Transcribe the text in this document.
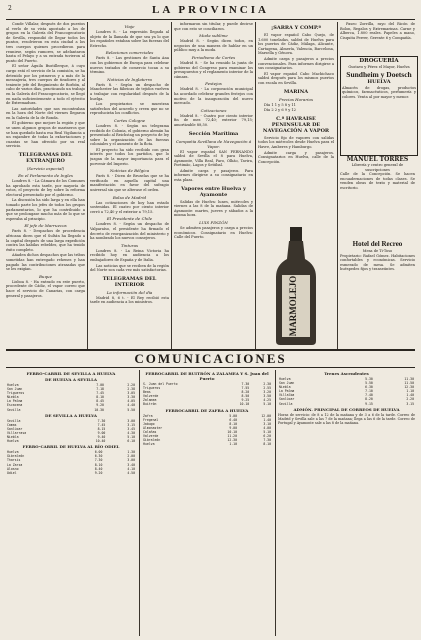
2	LA PROVINCIA

Conde Villalar, después de dos puestos al verlo de su vista apostado a los de grupos en la Galería del Francogecatorio de Sevilla, respondió de llegar todos los puntos, resolvieron en esta ciudad a los tres cuerpos quienes procedieron para reunirse, según rumores, se adelantaron hasta el Pelayo y a su entrada tuvieron al punto del Puerto.

El señor Águila Bustillerque, á cuyo cargo está el servicio de la comisión, se ha detenido por los primeros y a más de la mensajería, tres cuerpos de tiradores y al teniente jefe del Regimiento de Borbón, al cabo de varios días, practicando un trabajo en la Galería del Francogecatorio, se llegó en nada suficientemente a todo el ejército de Extremadura.

Las autoridades que nos encontraban en la hora del Norte del viernes llegaron en la Galería de la de Ronda.

El gobierno que mejore la región y que se unen algunos grupos de marineros que se han quedado hasta esa Real Vigilancia a un enjambre de todas la exhortaciones y cuantas se han ofrecido por su real servicio.

TELEGRAMAS DEL EXTRANJERO
(Servicio especial)
En el Parlamento de Ingles

Londres 8. - La Cámara de los Comunes ha aprobado esta tarde, por mayoría de votos, el proyecto de ley sobre la reforma electoral presentado por el gobierno.

La discusión ha sido larga y en ella han tomado parte los jefes de todos los grupos parlamentarios, lo que ha contribuido a que se prolongase mucho más de lo que se esperaba al principio.

El jefe de Marruecos

París 8. - Despachos de procedencia africana dicen que el Sultán ha llegado a la capital después de una larga expedición contra las kabilas rebeldes, que ha tenido éxito completo.

Añaden dichos despachos que las tribus sometidas han entregado rehenes y han pagado las contribuciones atrasadas que se les exigían.

Buque

Lisboa 8. - Ha entrado en este puerto, procedente de Cádiz, el vapor correo que hace el servicio de Canarias, con carga general y pasajeros.

Viaje

Londres 8. - La expresión llegada al objeto de la llamada de que sea ya lo que los españoles estaban sobre las fuerzas del Estrecho.

Relaciones comerciales

París 8. - Las gestiones de Santa Ana con los gobiernos de Europa para celebrar nuevos tratados de comercio tocan a su término.

Noticias de Inglaterra

París 8. - Según un despacho de Manchester las fábricas de tejidos vuelven a trabajar con regularidad después de la huelga.

Los propietarios se muestran satisfechos del acuerdo y creen que no se reproducirán los conflictos.

Cortes Cologne

Londres 8. - Según un telegrama recibido de Colonia, el gobierno alemán ha presentado al Reichstag un proyecto de ley sobre la organización de las fuerzas coloniales y el aumento de la flota.

El proyecto ha sido recibido con gran interés por todos los partidos, que lo juzgan de la mayor importancia para el porvenir del Imperio.

Noticias de Bélgica

París 8. - Dicen de Bruselas que se ha verificado en aquella capital una manifestación en favor del sufragio universal sin que se alterase el orden.

Bolsa de Madrid

Las cotizaciones de hoy han estado sostenidas. El cuatro por ciento interior cerró a 72,40 y el exterior a 79,15.

El Presidente de Chile

Londres 8. - Según un despacho de Valparaíso, el presidente ha firmado el decreto de reorganización del ministerio y ha nombrado los nuevos consejeros.

Tinturas

Londres 8. - La Reina Victoria ha recibido hoy en audiencia a los embajadores de España y de Italia.

Las noticias que se reciben de la región del Norte son cada vez más satisfactorias.

TELEGRAMAS DEL INTERIOR
La información del día

Madrid 8, 6 t. - El Rey recibió esta tarde en audiencia a los ministros.

informaron sin titular, y puede decirse que con esto se conciliaron.

Moda sublime

Madrid 8. - Según dicen todos, en negocios de una manera de hablar en un público muy a la moda.

Periodismo de Cortes

Madrid 8. - Se ha reunido la junta de gobierno del Congreso para examinar los presupuestos y el reglamento interior de la cámara.

Festejos

Madrid 8. - La corporación municipal ha acordado celebrar grandes festejos con motivo de la inauguración del nuevo mercado.

Cotizaciones

Madrid 8. - Cuatro por ciento interior fin de mes 72,40; exterior 79,15; amortizable 88,50.

Sección Marítima
Compañía Sevillana de Navegación á Vapor.

El vapor español SAN FERNANDO saldrá de Sevilla el 8 para Huelva, Ayamonte, Villa Real, Faro, Olhão, Tavira, Portimão, Lagos y Setúbal.

Admite carga y pasajeros. Para informes dirigirse a su consignatario en esta plaza.

Vapores entre Huelva y Ayamonte

Salidas de Huelva: lunes, miércoles y viernes a las 8 de la mañana. Salidas de Ayamonte: martes, jueves y sábados a la misma hora.

LUIS PINZÓN

Se admiten pasajeros y carga a precios económicos. Consignatario en Huelva: Calle del Puerto.

¡SARRA Y COMP.ª

El vapor español Cabo Quejo, de 1.600 toneladas, saldrá de Huelva para los puertos de Cádiz, Málaga, Alicante, Cartagena, Almería, Valencia, Barcelona, Marsella y Génova.

Admite carga y pasajeros a precios convencionales. Para informes dirigirse a sus consignatarios.

El vapor español Cabo Machichaco saldrá después para los mismos puertos con escala en Sevilla.

MARINA
Precios Horarios

Día 1 1 y 5 8 y 11

Día 2 2 y 6 9 y 12

C.ª HAVRAISE PENINSULAR DE NAVEGACIÓN A VAPOR

Servicio fijo de vapores con salidas todos los miércoles desde Huelva para el Havre, Amberes y Hamburgo.

Admite carga y pasajeros. Consignatarios en Huelva, calle de la Concepción.

Paseo Zorrilla, rayo del Ricón de Bolon, Regalos y Extremarinas. Carne y Alberca, 1.800 reales. Papeles a mano, Cisquita Ferrer, Gerente 6 y Compañía.

MARMOLEJO
DROGUERÍA
Gustavo y Pérez el Mayor, Huelva
Sundheim y Doetsch
HUELVA
Almacén de drogas, productos químicos, farmacéuticos, perfumería y colores. Venta al por mayor y menor.
MANUEL TORRES
Librería y centro general de suscripciones
Calle de la Concepción. Se hacen encuadernaciones de todas clases. Se venden obras de texto y material de escritorio.
Hotel del Recreo
Mesa de Ti-Toso
Propietario: Rafael Gómez. Habitaciones confortables y económicas. Servicio esmerado de mesa. Se admiten huéspedes fijos y transeúntes.
COMUNICACIONES
FERRO-CARRIL DE SEVILLA A HUELVA
DE HUELVA A SEVILLA
Huelva	7.00	2.20
San Juan	7.18	2.38
Trigueros	7.45	3.05
Niebla	8.10	3.30
La Palma	8.45	4.05
Escacena	9.20	4.40
Sevilla	10.30	5.50
DE SEVILLA A HUELVA
Sevilla	7.30	3.00
Camas	7.45	3.15
Sanlúcar	8.15	3.45
Villarrasa	9.00	4.30
Niebla	9.40	5.10
Huelva	10.40	6.10
FERRO-CARRIL DE HUELVA AL RÍO ODIEL
Huelva	6.00	1.30
Gibraleón	6.30	2.00
Tharsis	7.30	3.00
La Zarza	8.10	3.40
Alosno	8.40	4.10
Odiel	9.20	4.50
FERROCARRIL DE BUITRÓN A ZALAMEA Y S. Juan del Puerto
S. Juan del Puerto	7.30	2.30
Trigueros	7.55	2.55
Beas	8.20	3.20
Valverde	8.50	3.50
Zalamea	9.25	4.25
Buitrón	10.10	5.10
FERROCARRIL DE ZAFRA A HUELVA
Zafra	5.00	12.00
Fregenal	6.40	1.40
Jabugo	8.10	3.10
Almonaster	9.00	4.00
Calañas	10.10	5.10
Valverde	11.20	6.20
Gibraleón	12.30	7.30
Huelva	1.10	8.10
Trenes Ascendentes
Huelva	5.30	11.30
San Juan	5.50	11.50
Niebla	6.30	12.30
La Palma	7.10	1.10
Villalba	7.40	1.40
Sanlúcar	8.20	2.20
Sevilla	9.15	3.15
ADMÓN. PRINCIPAL DE CORREOS DE HUELVA
Horas de servicio: de 8 a 12 de la mañana y de 3 a 6 de la tarde. Correo de Madrid y Sevilla sale a las 7 de la mañana; llega a las 6 de la tarde. Correo de Portugal y Ayamonte sale a las 8 de la mañana.
